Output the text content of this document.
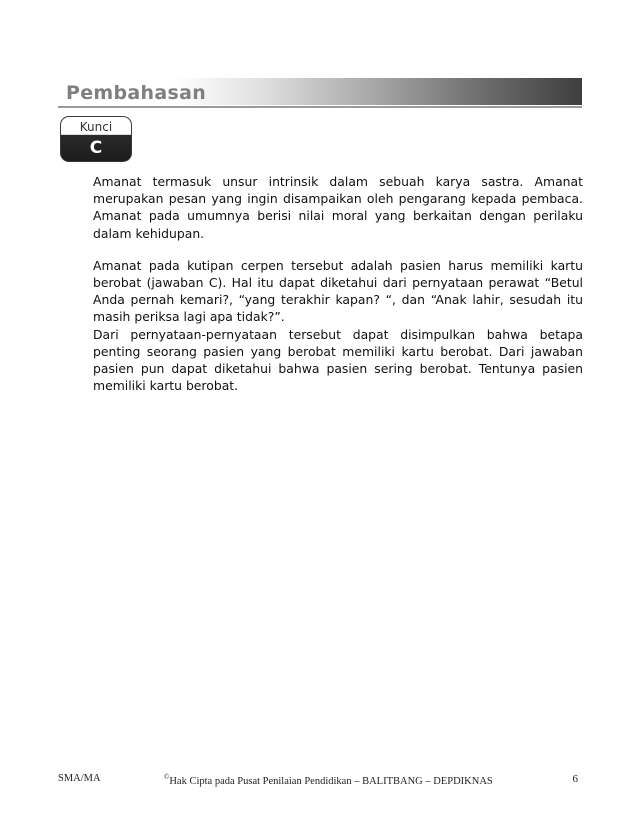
Pembahasan
Kunci
C

Amanat termasuk unsur intrinsik dalam sebuah karya sastra. Amanat merupakan pesan yang ingin disampaikan oleh pengarang kepada pembaca. Amanat pada umumnya berisi nilai moral yang berkaitan dengan perilaku dalam kehidupan.

Amanat pada kutipan cerpen tersebut adalah pasien harus memiliki kartu berobat (jawaban C). Hal itu dapat diketahui dari pernyataan perawat “Betul Anda pernah kemari?, “yang terakhir kapan? “, dan “Anak lahir, sesudah itu masih periksa lagi apa tidak?”.

Dari pernyataan-pernyataan tersebut dapat disimpulkan bahwa betapa penting seorang pasien yang berobat memiliki kartu berobat. Dari jawaban pasien pun dapat diketahui bahwa pasien sering berobat. Tentunya pasien memiliki kartu berobat.

SMA/MA	©Hak Cipta pada Pusat Penilaian Pendidikan – BALITBANG – DEPDIKNAS	6
